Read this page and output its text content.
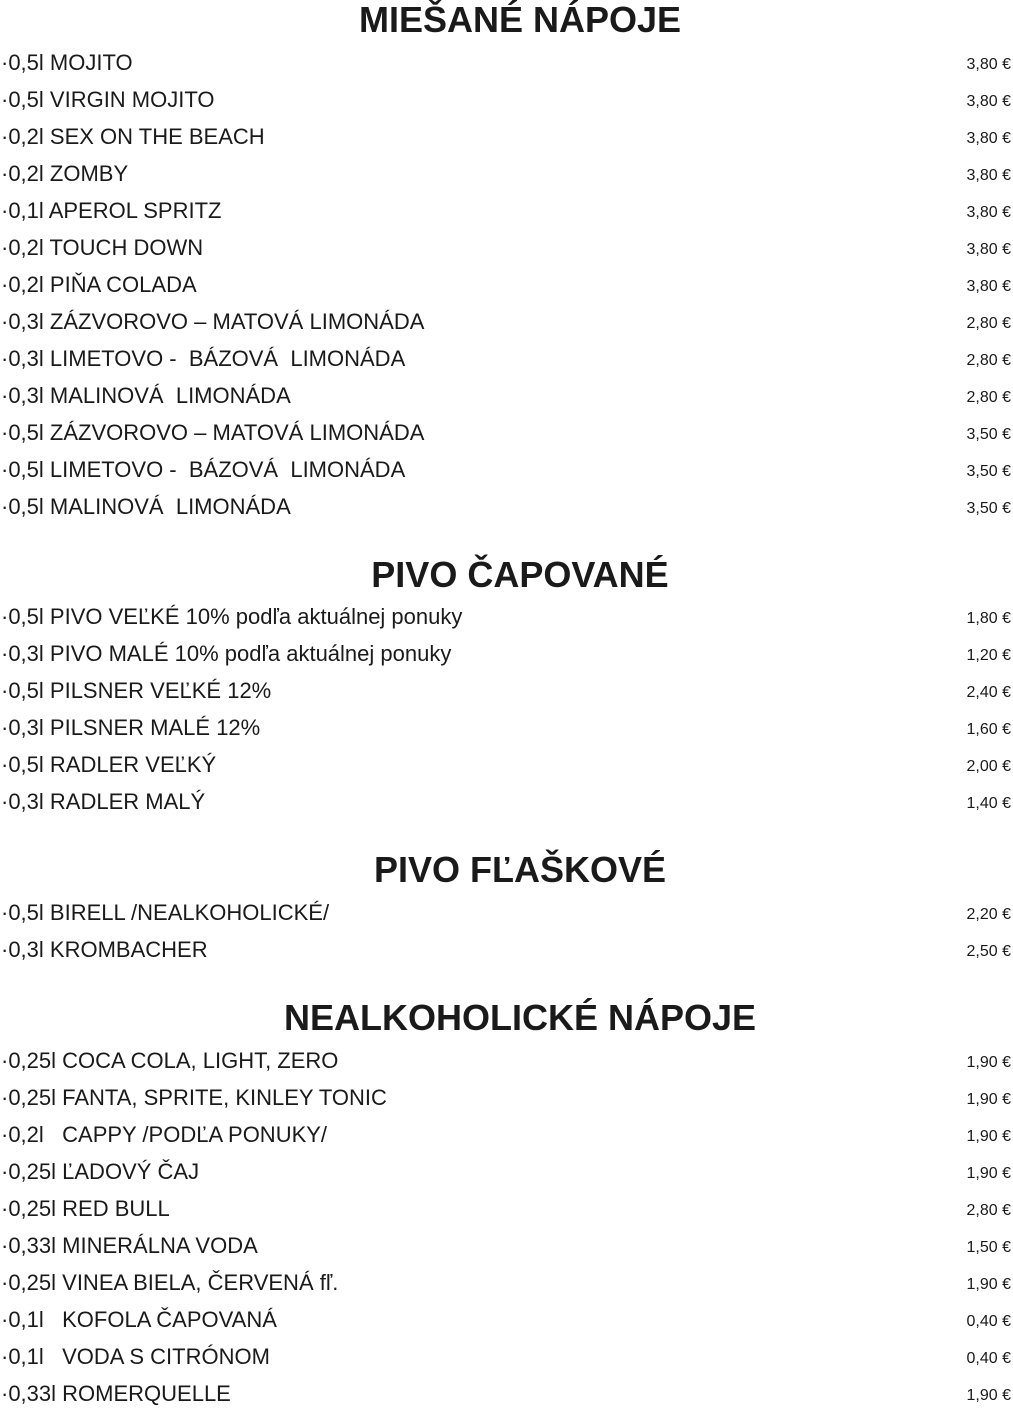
MIEŠANÉ NÁPOJE
·0,5l MOJITO	3,80 €
·0,5l VIRGIN MOJITO	3,80 €
·0,2l SEX ON THE BEACH	3,80 €
·0,2l ZOMBY	3,80 €
·0,1l APEROL SPRITZ	3,80 €
·0,2l TOUCH DOWN	3,80 €
·0,2l PIŇA COLADA	3,80 €
·0,3l ZÁZVOROVO – MATOVÁ LIMONÁDA	2,80 €
·0,3l LIMETOVO -  BÁZOVÁ  LIMONÁDA	2,80 €
·0,3l MALINOVÁ  LIMONÁDA	2,80 €
·0,5l ZÁZVOROVO – MATOVÁ LIMONÁDA	3,50 €
·0,5l LIMETOVO -  BÁZOVÁ  LIMONÁDA	3,50 €
·0,5l MALINOVÁ  LIMONÁDA	3,50 €
PIVO ČAPOVANÉ
·0,5l PIVO VEĽKÉ 10% podľa aktuálnej ponuky	1,80 €
·0,3l PIVO MALÉ 10% podľa aktuálnej ponuky	1,20 €
·0,5l PILSNER VEĽKÉ 12%	2,40 €
·0,3l PILSNER MALÉ 12%	1,60 €
·0,5l RADLER VEĽKÝ	2,00 €
·0,3l RADLER MALÝ	1,40 €
PIVO FĽAŠKOVÉ
·0,5l BIRELL /NEALKOHOLICKÉ/	2,20 €
·0,3l KROMBACHER	2,50 €
NEALKOHOLICKÉ NÁPOJE
·0,25l COCA COLA, LIGHT, ZERO	1,90 €
·0,25l FANTA, SPRITE, KINLEY TONIC	1,90 €
·0,2l   CAPPY /PODĽA PONUKY/	1,90 €
·0,25l ĽADOVÝ ČAJ	1,90 €
·0,25l RED BULL	2,80 €
·0,33l MINERÁLNA VODA	1,50 €
·0,25l VINEA BIELA, ČERVENÁ fľ.	1,90 €
·0,1l   KOFOLA ČAPOVANÁ	0,40 €
·0,1l   VODA S CITRÓNOM	0,40 €
·0,33l ROMERQUELLE	1,90 €
